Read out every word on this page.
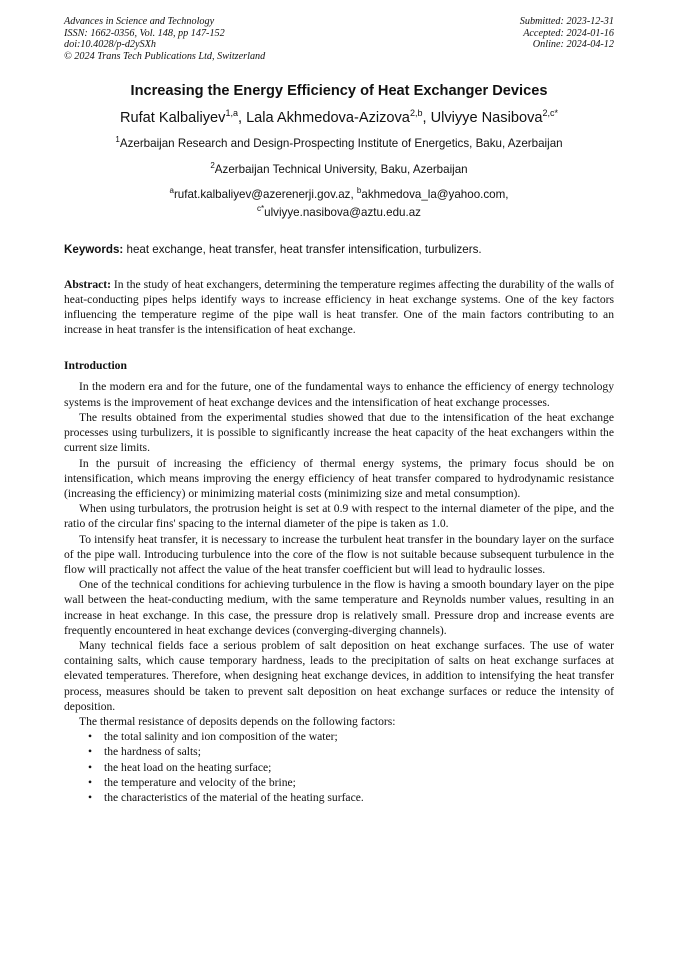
Advances in Science and Technology
ISSN: 1662-0356, Vol. 148, pp 147-152
doi:10.4028/p-d2ySXh
© 2024 Trans Tech Publications Ltd, Switzerland
Submitted: 2023-12-31
Accepted: 2024-01-16
Online: 2024-04-12
Increasing the Energy Efficiency of Heat Exchanger Devices
Rufat Kalbaliyev$^{1,a}$, Lala Akhmedova-Azizova$^{2,b}$, Ulviyye Nasibova$^{2,c*}$
$^1$Azerbaijan Research and Design-Prospecting Institute of Energetics, Baku, Azerbaijan
$^2$Azerbaijan Technical University, Baku, Azerbaijan
$^a$rufat.kalbaliyev@azerenerji.gov.az, $^b$akhmedova_la@yahoo.com,
$^{c*}$ulviyye.nasibova@aztu.edu.az
Keywords: heat exchange, heat transfer, heat transfer intensification, turbulizers.
Abstract: In the study of heat exchangers, determining the temperature regimes affecting the durability of the walls of heat-conducting pipes helps identify ways to increase efficiency in heat exchange systems. One of the key factors influencing the temperature regime of the pipe wall is heat transfer. One of the main factors contributing to an increase in heat transfer is the intensification of heat exchange.
Introduction

In the modern era and for the future, one of the fundamental ways to enhance the efficiency of energy technology systems is the improvement of heat exchange devices and the intensification of heat exchange processes.

The results obtained from the experimental studies showed that due to the intensification of the heat exchange processes using turbulizers, it is possible to significantly increase the heat capacity of the heat exchangers within the current size limits.

In the pursuit of increasing the efficiency of thermal energy systems, the primary focus should be on intensification, which means improving the energy efficiency of heat transfer compared to hydrodynamic resistance (increasing the efficiency) or minimizing material costs (minimizing size and metal consumption).

When using turbulators, the protrusion height is set at 0.9 with respect to the internal diameter of the pipe, and the ratio of the circular fins' spacing to the internal diameter of the pipe is taken as 1.0.

To intensify heat transfer, it is necessary to increase the turbulent heat transfer in the boundary layer on the surface of the pipe wall. Introducing turbulence into the core of the flow is not suitable because subsequent turbulence in the flow will practically not affect the value of the heat transfer coefficient but will lead to hydraulic losses.

One of the technical conditions for achieving turbulence in the flow is having a smooth boundary layer on the pipe wall between the heat-conducting medium, with the same temperature and Reynolds number values, resulting in an increase in heat exchange. In this case, the pressure drop is relatively small. Pressure drop and increase events are frequently encountered in heat exchange devices (converging-diverging channels).

Many technical fields face a serious problem of salt deposition on heat exchange surfaces. The use of water containing salts, which cause temporary hardness, leads to the precipitation of salts on heat exchange surfaces at elevated temperatures. Therefore, when designing heat exchange devices, in addition to intensifying the heat transfer process, measures should be taken to prevent salt deposition on heat exchange surfaces or reduce the intensity of deposition.

The thermal resistance of deposits depends on the following factors:

• the total salinity and ion composition of the water;
• the hardness of salts;
• the heat load on the heating surface;
• the temperature and velocity of the brine;
• the characteristics of the material of the heating surface.
